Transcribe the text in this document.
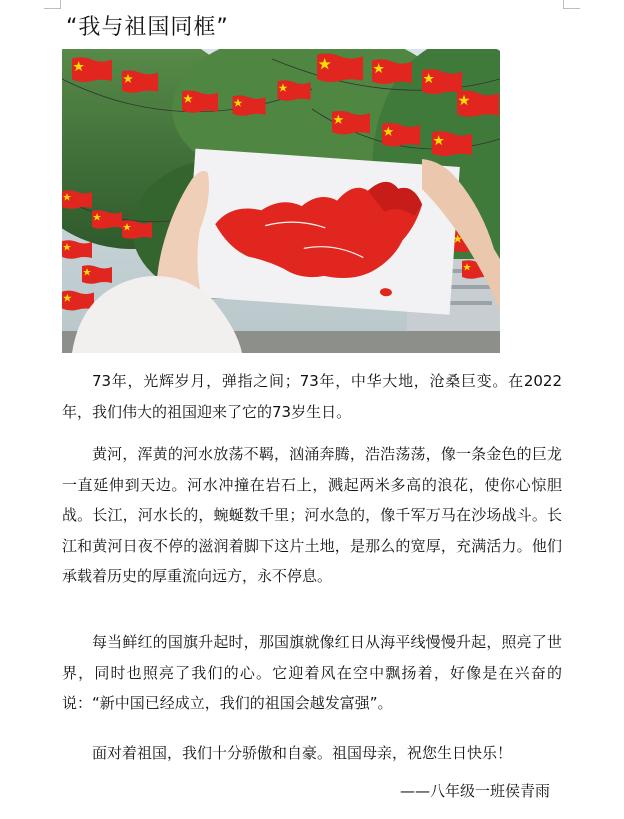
“我与祖国同框”

73年，光辉岁月，弹指之间；73年，中华大地，沧桑巨变。在2022年，我们伟大的祖国迎来了它的73岁生日。

黄河，浑黄的河水放荡不羁，汹涌奔腾，浩浩荡荡，像一条金色的巨龙一直延伸到天边。河水冲撞在岩石上，溅起两米多高的浪花，使你心惊胆战。长江，河水长的，蜿蜒数千里；河水急的，像千军万马在沙场战斗。长江和黄河日夜不停的滋润着脚下这片土地，是那么的宽厚，充满活力。他们承载着历史的厚重流向远方，永不停息。

每当鲜红的国旗升起时，那国旗就像红日从海平线慢慢升起，照亮了世界，同时也照亮了我们的心。它迎着风在空中飘扬着，好像是在兴奋的说：“新中国已经成立，我们的祖国会越发富强”。

面对着祖国，我们十分骄傲和自豪。祖国母亲，祝您生日快乐！

——八年级一班侯青雨
